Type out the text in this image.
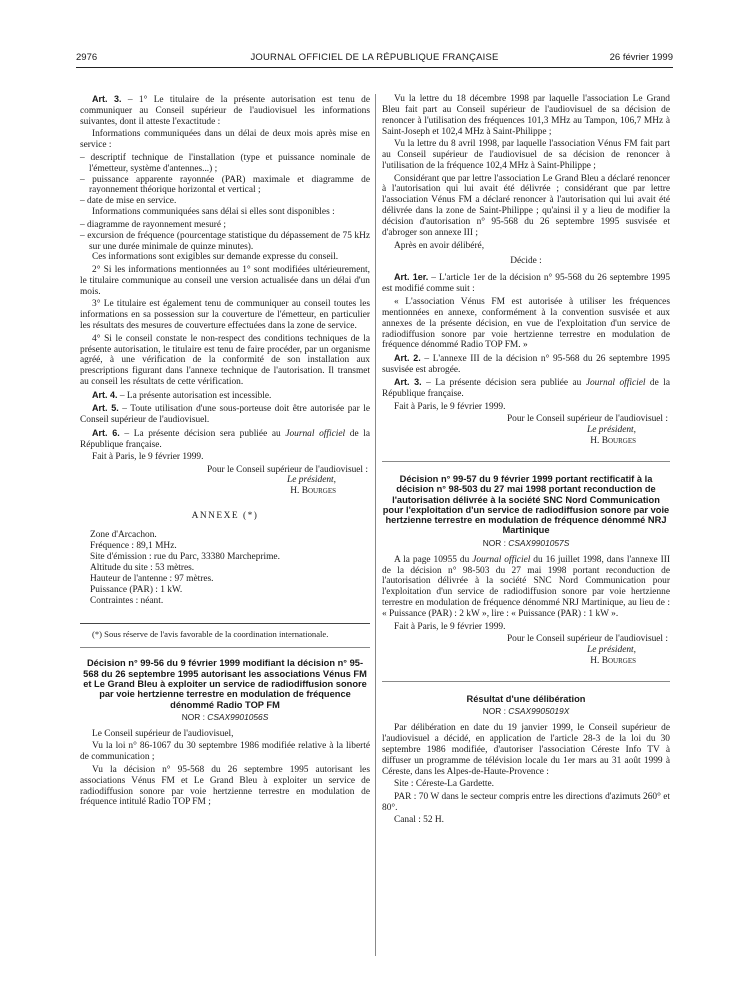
2976	JOURNAL OFFICIEL DE LA RÉPUBLIQUE FRANÇAISE	26 février 1999

Art. 3. – 1° Le titulaire de la présente autorisation est tenu de communiquer au Conseil supérieur de l'audiovisuel les informations suivantes, dont il atteste l'exactitude :

Informations communiquées dans un délai de deux mois après mise en service :

– descriptif technique de l'installation (type et puissance nominale de l'émetteur, système d'antennes...) ;

– puissance apparente rayonnée (PAR) maximale et diagramme de rayonnement théorique horizontal et vertical ;

– date de mise en service.

Informations communiquées sans délai si elles sont disponibles :

– diagramme de rayonnement mesuré ;

– excursion de fréquence (pourcentage statistique du dépassement de 75 kHz sur une durée minimale de quinze minutes).

Ces informations sont exigibles sur demande expresse du conseil.

2° Si les informations mentionnées au 1° sont modifiées ultérieurement, le titulaire communique au conseil une version actualisée dans un délai d'un mois.

3° Le titulaire est également tenu de communiquer au conseil toutes les informations en sa possession sur la couverture de l'émetteur, en particulier les résultats des mesures de couverture effectuées dans la zone de service.

4° Si le conseil constate le non-respect des conditions techniques de la présente autorisation, le titulaire est tenu de faire procéder, par un organisme agréé, à une vérification de la conformité de son installation aux prescriptions figurant dans l'annexe technique de l'autorisation. Il transmet au conseil les résultats de cette vérification.

Art. 4. – La présente autorisation est incessible.

Art. 5. – Toute utilisation d'une sous-porteuse doit être autorisée par le Conseil supérieur de l'audiovisuel.

Art. 6. – La présente décision sera publiée au Journal officiel de la République française.

Fait à Paris, le 9 février 1999.

Pour le Conseil supérieur de l'audiovisuel :

Le président,

H. Bourges

ANNEXE (*)

Zone d'Arcachon.

Fréquence : 89,1 MHz.

Site d'émission : rue du Parc, 33380 Marcheprime.

Altitude du site : 53 mètres.

Hauteur de l'antenne : 97 mètres.

Puissance (PAR) : 1 kW.

Contraintes : néant.

(*) Sous réserve de l'avis favorable de la coordination internationale.

Décision n° 99-56 du 9 février 1999 modifiant la décision n° 95-568 du 26 septembre 1995 autorisant les associations Vénus FM et Le Grand Bleu à exploiter un service de radiodiffusion sonore par voie hertzienne terrestre en modulation de fréquence dénommé Radio TOP FM

NOR : CSAX9901056S

Le Conseil supérieur de l'audiovisuel,

Vu la loi n° 86-1067 du 30 septembre 1986 modifiée relative à la liberté de communication ;

Vu la décision n° 95-568 du 26 septembre 1995 autorisant les associations Vénus FM et Le Grand Bleu à exploiter un service de radiodiffusion sonore par voie hertzienne terrestre en modulation de fréquence intitulé Radio TOP FM ;

Vu la lettre du 18 décembre 1998 par laquelle l'association Le Grand Bleu fait part au Conseil supérieur de l'audiovisuel de sa décision de renoncer à l'utilisation des fréquences 101,3 MHz au Tampon, 106,7 MHz à Saint-Joseph et 102,4 MHz à Saint-Philippe ;

Vu la lettre du 8 avril 1998, par laquelle l'association Vénus FM fait part au Conseil supérieur de l'audiovisuel de sa décision de renoncer à l'utilisation de la fréquence 102,4 MHz à Saint-Philippe ;

Considérant que par lettre l'association Le Grand Bleu a déclaré renoncer à l'autorisation qui lui avait été délivrée ; considérant que par lettre l'association Vénus FM a déclaré renoncer à l'autorisation qui lui avait été délivrée dans la zone de Saint-Philippe ; qu'ainsi il y a lieu de modifier la décision d'autorisation n° 95-568 du 26 septembre 1995 susvisée et d'abroger son annexe III ;

Après en avoir délibéré,

Décide :

Art. 1er. – L'article 1er de la décision n° 95-568 du 26 septembre 1995 est modifié comme suit :

« L'association Vénus FM est autorisée à utiliser les fréquences mentionnées en annexe, conformément à la convention susvisée et aux annexes de la présente décision, en vue de l'exploitation d'un service de radiodiffusion sonore par voie hertzienne terrestre en modulation de fréquence dénommé Radio TOP FM. »

Art. 2. – L'annexe III de la décision n° 95-568 du 26 septembre 1995 susvisée est abrogée.

Art. 3. – La présente décision sera publiée au Journal officiel de la République française.

Fait à Paris, le 9 février 1999.

Pour le Conseil supérieur de l'audiovisuel :

Le président,

H. Bourges

Décision n° 99-57 du 9 février 1999 portant rectificatif à la décision n° 98-503 du 27 mai 1998 portant reconduction de l'autorisation délivrée à la société SNC Nord Communication pour l'exploitation d'un service de radiodiffusion sonore par voie hertzienne terrestre en modulation de fréquence dénommé NRJ Martinique

NOR : CSAX9901057S

A la page 10955 du Journal officiel du 16 juillet 1998, dans l'annexe III de la décision n° 98-503 du 27 mai 1998 portant reconduction de l'autorisation délivrée à la société SNC Nord Communication pour l'exploitation d'un service de radiodiffusion sonore par voie hertzienne terrestre en modulation de fréquence dénommé NRJ Martinique, au lieu de : « Puissance (PAR) : 2 kW », lire : « Puissance (PAR) : 1 kW ».

Fait à Paris, le 9 février 1999.

Pour le Conseil supérieur de l'audiovisuel :

Le président,

H. Bourges

Résultat d'une délibération

NOR : CSAX9905019X

Par délibération en date du 19 janvier 1999, le Conseil supérieur de l'audiovisuel a décidé, en application de l'article 28-3 de la loi du 30 septembre 1986 modifiée, d'autoriser l'association Céreste Info TV à diffuser un programme de télévision locale du 1er mars au 31 août 1999 à Céreste, dans les Alpes-de-Haute-Provence :

Site : Céreste-La Gardette.

PAR : 70 W dans le secteur compris entre les directions d'azimuts 260° et 80°.

Canal : 52 H.
